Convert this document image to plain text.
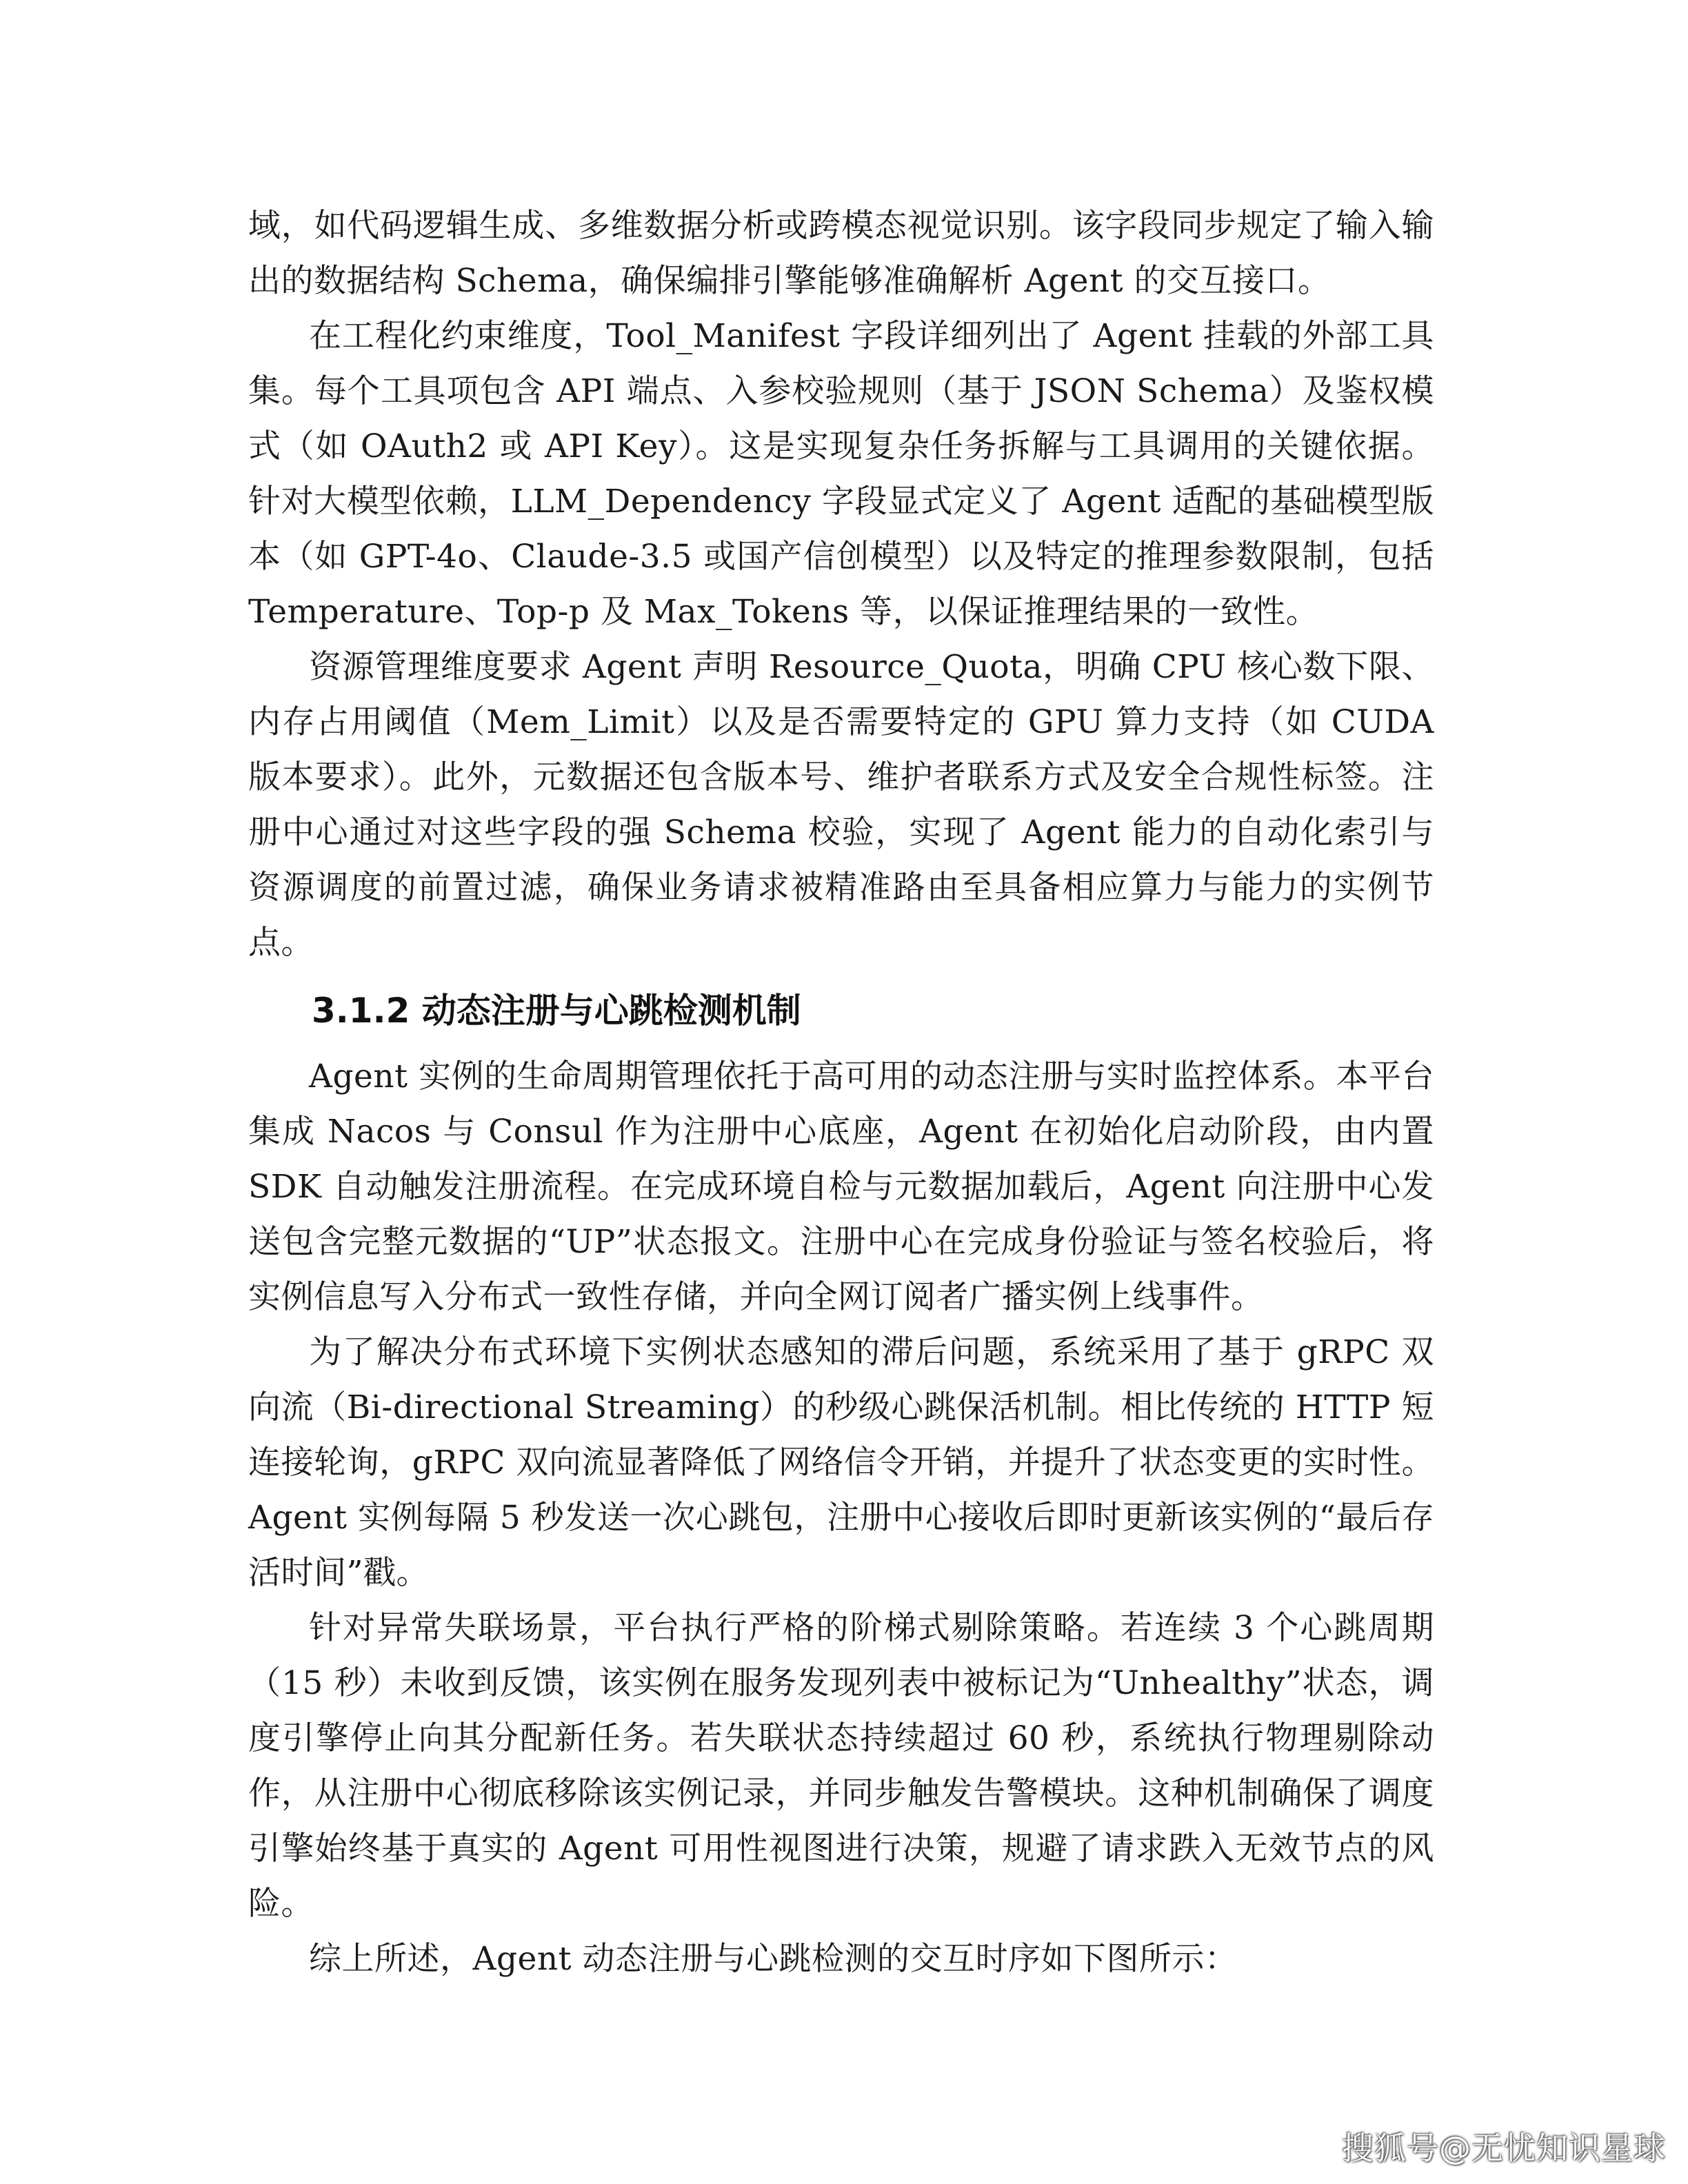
域，如代码逻辑生成、多维数据分析或跨模态视觉识别。该字段同步规定了输入输出的数据结构 Schema，确保编排引擎能够准确解析 Agent 的交互接口。

在工程化约束维度，Tool_Manifest 字段详细列出了 Agent 挂载的外部工具集。每个工具项包含 API 端点、入参校验规则（基于 JSON Schema）及鉴权模式（如 OAuth2 或 API Key）。这是实现复杂任务拆解与工具调用的关键依据。针对大模型依赖，LLM_Dependency 字段显式定义了 Agent 适配的基础模型版本（如 GPT-4o、Claude-3.5 或国产信创模型）以及特定的推理参数限制，包括 Temperature、Top-p 及 Max_Tokens 等，以保证推理结果的一致性。

资源管理维度要求 Agent 声明 Resource_Quota，明确 CPU 核心数下限、内存占用阈值（Mem_Limit）以及是否需要特定的 GPU 算力支持（如 CUDA 版本要求）。此外，元数据还包含版本号、维护者联系方式及安全合规性标签。注册中心通过对这些字段的强 Schema 校验，实现了 Agent 能力的自动化索引与资源调度的前置过滤，确保业务请求被精准路由至具备相应算力与能力的实例节点。

3.1.2 动态注册与心跳检测机制

Agent 实例的生命周期管理依托于高可用的动态注册与实时监控体系。本平台集成 Nacos 与 Consul 作为注册中心底座，Agent 在初始化启动阶段，由内置 SDK 自动触发注册流程。在完成环境自检与元数据加载后，Agent 向注册中心发送包含完整元数据的“UP”状态报文。注册中心在完成身份验证与签名校验后，将实例信息写入分布式一致性存储，并向全网订阅者广播实例上线事件。

为了解决分布式环境下实例状态感知的滞后问题，系统采用了基于 gRPC 双向流（Bi-directional Streaming）的秒级心跳保活机制。相比传统的 HTTP 短连接轮询，gRPC 双向流显著降低了网络信令开销，并提升了状态变更的实时性。Agent 实例每隔 5 秒发送一次心跳包，注册中心接收后即时更新该实例的“最后存活时间”戳。

针对异常失联场景，平台执行严格的阶梯式剔除策略。若连续 3 个心跳周期（15 秒）未收到反馈，该实例在服务发现列表中被标记为“Unhealthy”状态，调度引擎停止向其分配新任务。若失联状态持续超过 60 秒，系统执行物理剔除动作，从注册中心彻底移除该实例记录，并同步触发告警模块。这种机制确保了调度引擎始终基于真实的 Agent 可用性视图进行决策，规避了请求跌入无效节点的风险。

综上所述，Agent 动态注册与心跳检测的交互时序如下图所示：

搜狐号@无忧知识星球
